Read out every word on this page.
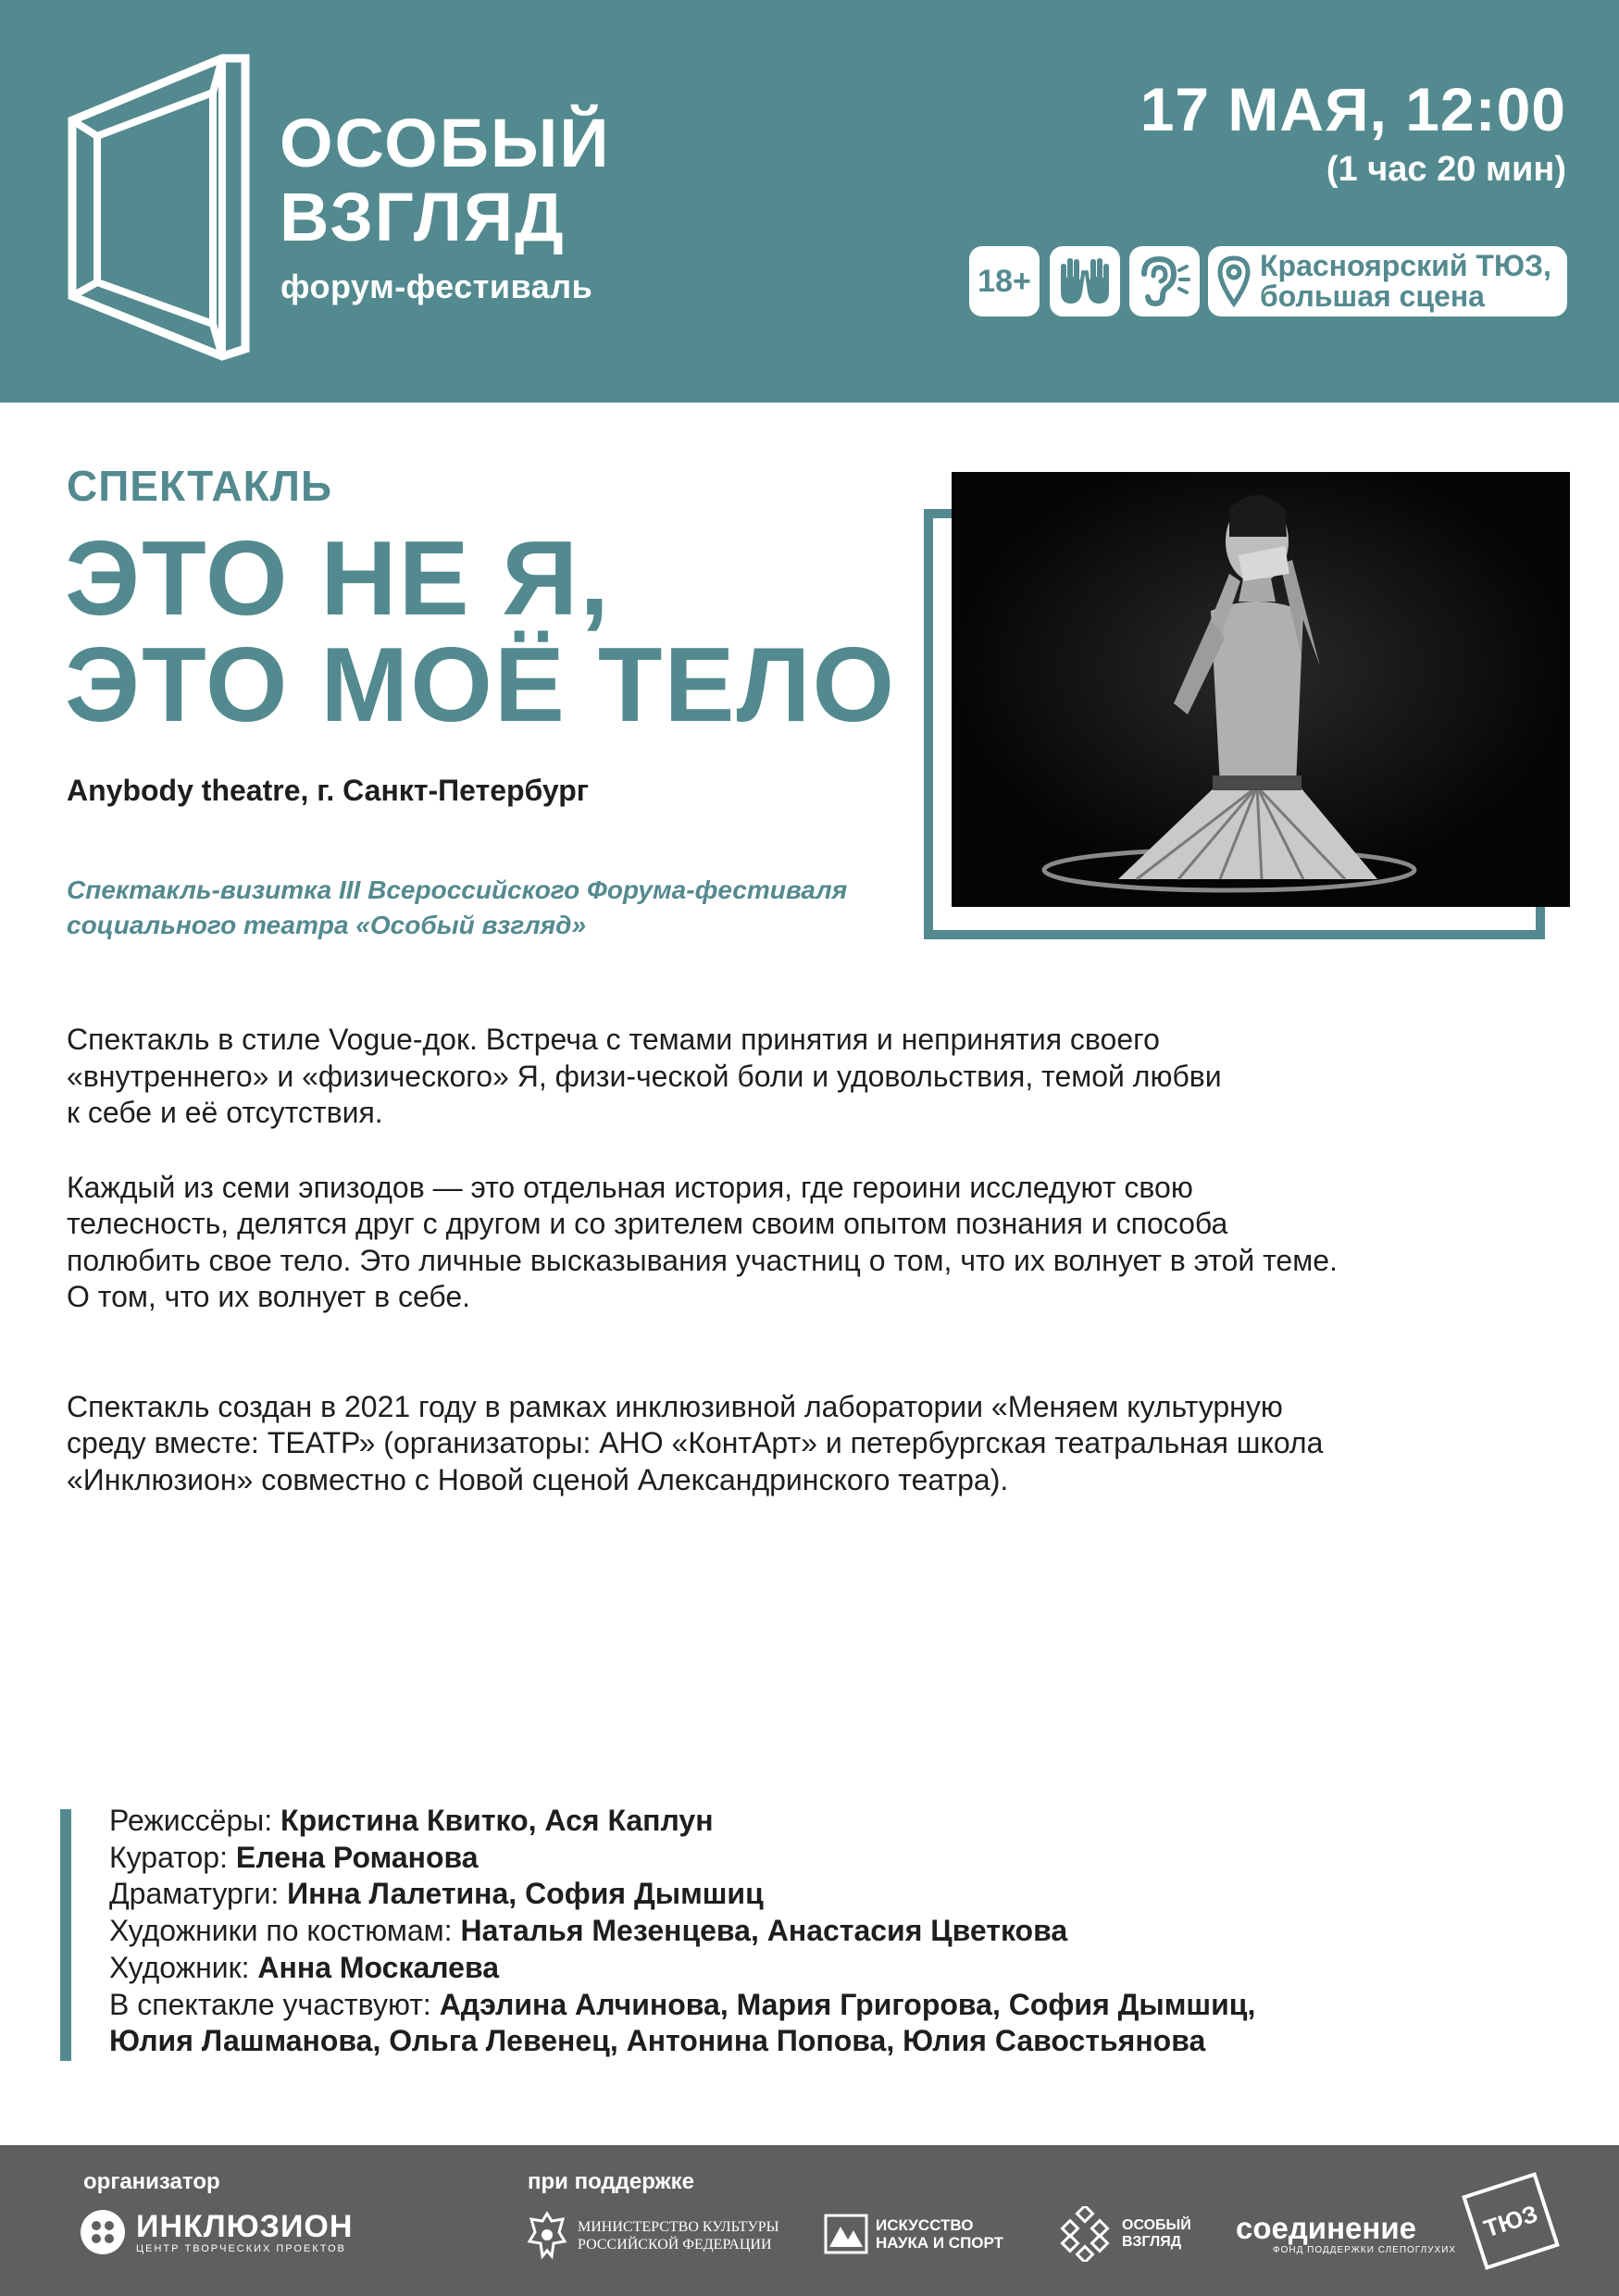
ОСОБЫЙ
ВЗГЛЯД
форум-фестиваль
17 МАЯ, 12:00
(1 час 20 мин)
18+	Красноярский ТЮЗ,
большая сцена
СПЕКТАКЛЬ
ЭТО НЕ Я,
ЭТО МОЁ ТЕЛО
Anybody theatre, г. Санкт-Петербург
Спектакль-визитка III Всероссийского Форума-фестиваля
социального театра «Особый взгляд»
Спектакль в стиле Vogue-док. Встреча с темами принятия и непринятия своего
«внутреннего» и «физического» Я, физи-ческой боли и удовольствия, темой любви
к себе и её отсутствия.
Каждый из семи эпизодов — это отдельная история, где героини исследуют свою
телесность, делятся друг с другом и со зрителем своим опытом познания и способа
полюбить свое тело. Это личные высказывания участниц о том, что их волнует в этой теме.
О том, что их волнует в себе.
Спектакль создан в 2021 году в рамках инклюзивной лаборатории «Меняем культурную
среду вместе: ТЕАТР» (организаторы: АНО «КонтАрт» и петербургская театральная школа
«Инклюзион» совместно с Новой сценой Александринского театра).
Режиссёры: Кристина Квитко, Ася Каплун
Куратор: Елена Романова
Драматурги: Инна Лалетина, София Дымшиц
Художники по костюмам: Наталья Мезенцева, Анастасия Цветкова
Художник: Анна Москалева
В спектакле участвуют: Адэлина Алчинова, Мария Григорова, София Дымшиц,
Юлия Лашманова, Ольга Левенец, Антонина Попова, Юлия Савостьянова
организатор	при поддержке
ИНКЛЮЗИОН
ЦЕНТР ТВОРЧЕСКИХ ПРОЕКТОВ
МИНИСТЕРСТВО КУЛЬТУРЫ
РОССИЙСКОЙ ФЕДЕРАЦИИ
ИСКУССТВО
НАУКА И СПОРТ
ОСОБЫЙ
ВЗГЛЯД	соединение
ФОНД ПОДДЕРЖКИ СЛЕПОГЛУХИХ
ТЮЗ
